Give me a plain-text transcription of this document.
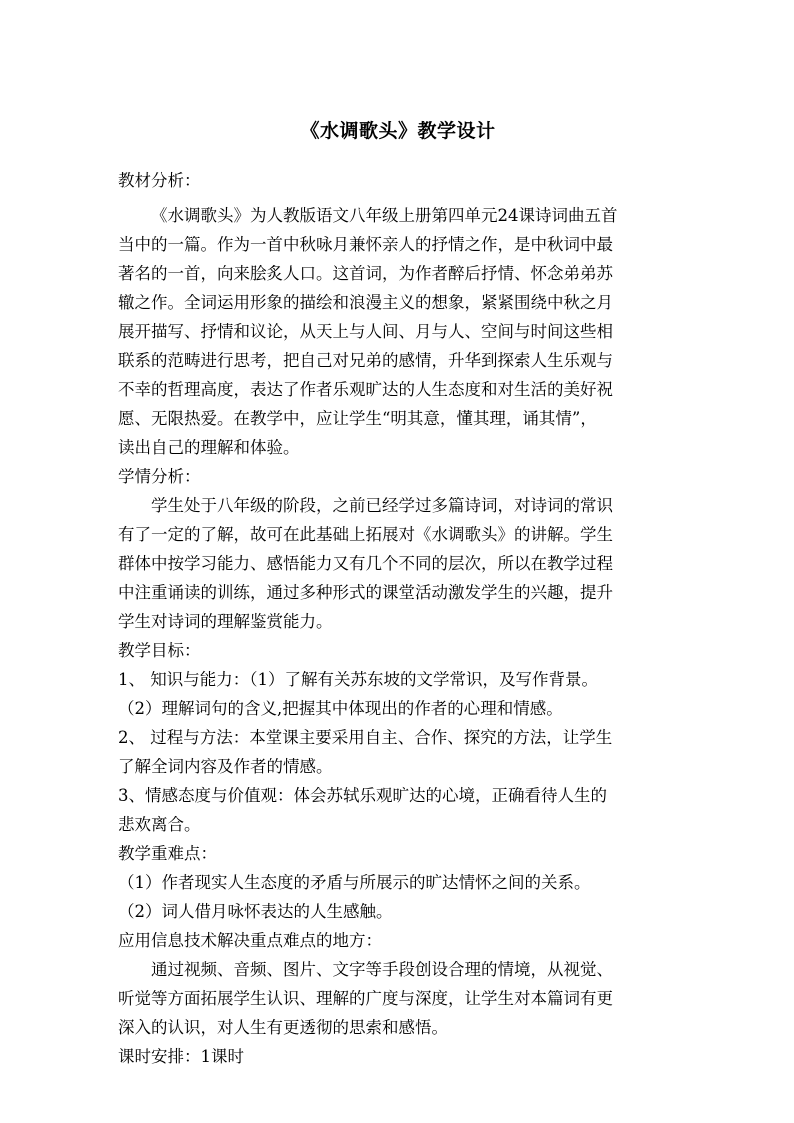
《水调歌头》教学设计
教材分析：
《水调歌头》为人教版语文八年级上册第四单元24课诗词曲五首
当中的一篇。作为一首中秋咏月兼怀亲人的抒情之作，是中秋词中最
著名的一首，向来脍炙人口。这首词，为作者醉后抒情、怀念弟弟苏
辙之作。全词运用形象的描绘和浪漫主义的想象，紧紧围绕中秋之月
展开描写、抒情和议论，从天上与人间、月与人、空间与时间这些相
联系的范畴进行思考，把自己对兄弟的感情，升华到探索人生乐观与
不幸的哲理高度，表达了作者乐观旷达的人生态度和对生活的美好祝
愿、无限热爱。在教学中，应让学生“明其意，懂其理，诵其情”，
读出自己的理解和体验。
学情分析：
学生处于八年级的阶段，之前已经学过多篇诗词，对诗词的常识
有了一定的了解，故可在此基础上拓展对《水调歌头》的讲解。学生
群体中按学习能力、感悟能力又有几个不同的层次，所以在教学过程
中注重诵读的训练，通过多种形式的课堂活动激发学生的兴趣，提升
学生对诗词的理解鉴赏能力。
教学目标：
1、 知识与能力：（1）了解有关苏东坡的文学常识，及写作背景。
（2）理解词句的含义,把握其中体现出的作者的心理和情感。
2、 过程与方法：本堂课主要采用自主、合作、探究的方法，让学生
了解全词内容及作者的情感。
3、情感态度与价值观：体会苏轼乐观旷达的心境，正确看待人生的
悲欢离合。
教学重难点：
（1）作者现实人生态度的矛盾与所展示的旷达情怀之间的关系。
（2）词人借月咏怀表达的人生感触。
应用信息技术解决重点难点的地方：
通过视频、音频、图片、文字等手段创设合理的情境，从视觉、
听觉等方面拓展学生认识、理解的广度与深度，让学生对本篇词有更
深入的认识，对人生有更透彻的思索和感悟。
课时安排：1课时
